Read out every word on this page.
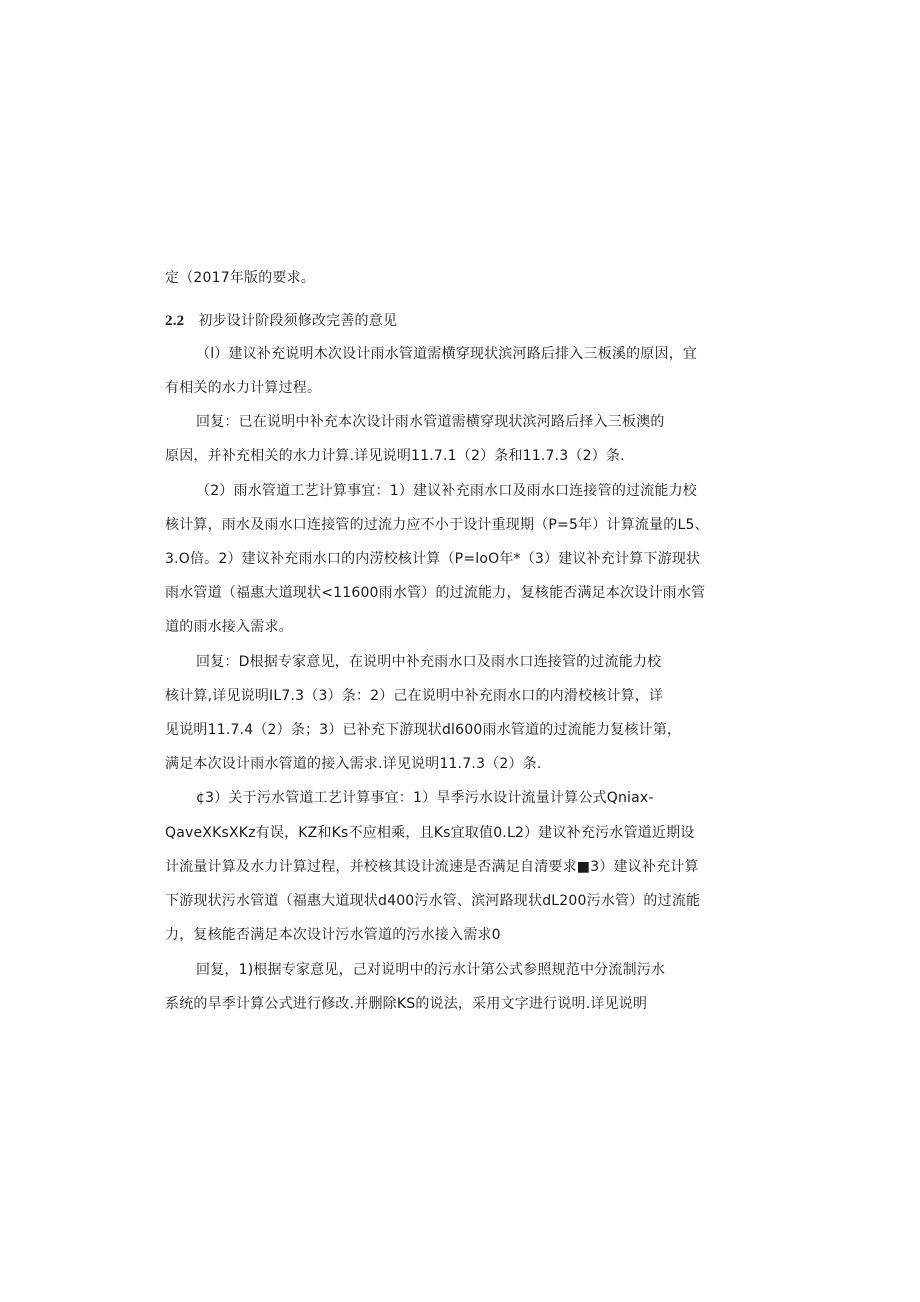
定（2017年版的要求。
2.2 初步设计阶段须修改完善的意见
（l）建议补充说明木次设计雨水管道需横穿现状滨河路后排入三板溪的原因，宜
有相关的水力计算过程。
回复：已在说明中补充本次设计雨水管道需横穿现状滨河路后择入三板澳的
原因，并补充相关的水力计算.详见说明11.7.1（2）条和11.7.3（2）条.
（2）雨水管道工艺计算事宜：1）建议补充雨水口及雨水口连接管的过流能力校
核计算，雨水及雨水口连接管的过流力应不小于设计重现期（P=5年）计算流量的L5、
3.O倍。2）建议补充雨水口的内涝校核计算（P=loO年*（3）建议补充计算下游现状
雨水管道（福惠大道现状<11600雨水管）的过流能力，复核能否满足本次设计雨水管
道的雨水接入需求。
回复：D根据专家意见，在说明中补充雨水口及雨水口连接管的过流能力校
核计算,详见说明IL7.3（3）条：2）己在说明中补充雨水口的内滑校核计算，详
见说明11.7.4（2）条；3）已补充下游现状dl600雨水管道的过流能力复核计第，
满足本次设计雨水管道的接入需求.详见说明11.7.3（2）条.
¢3）关于污水管道工艺计算事宜：1）旱季污水设计流量计算公式Qniax-
QaveXKsXKz有误，KZ和Ks不应相乘，且Ks宜取值0.L2）建议补充污水管道近期设
计流量计算及水力计算过程，并校核其设计流速是否满足自清要求■3）建议补充计算
下游现状污水管道（福惠大道现状d400污水管、滨河路现状dL200污水管）的过流能
力，复核能否满足本次设计污水管道的污水接入需求0
回复，1)根据专家意见，己对说明中的污水计第公式参照规范中分流制污水
系统的旱季计算公式进行修改.并删除KS的说法，采用文字进行说明.详见说明
